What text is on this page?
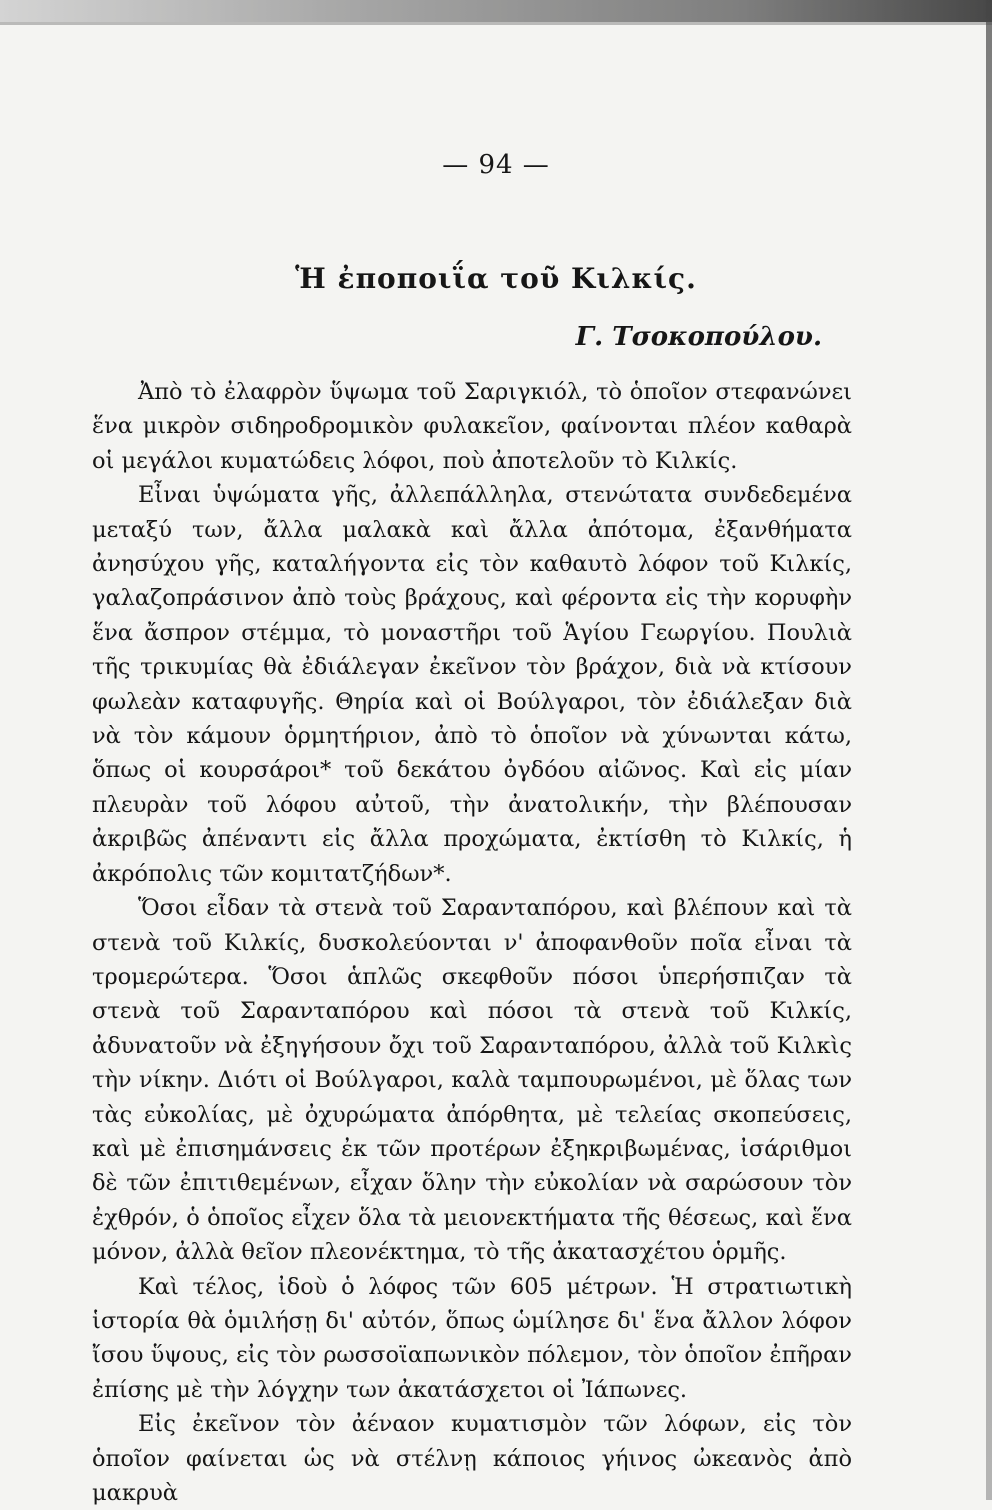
— 94 —
Ἡ ἐποποιΐα τοῦ Κιλκίς.
Γ. Τσοκοπούλου.

Ἀπὸ τὸ ἐλαφρὸν ὕψωμα τοῦ Σαριγκιόλ, τὸ ὁποῖον στεφανώνει ἕνα μικρὸν σιδηροδρομικὸν φυλακεῖον, φαίνονται πλέον καθαρὰ οἱ μεγάλοι κυματώδεις λόφοι, ποὺ ἀποτελοῦν τὸ Κιλκίς.

Εἶναι ὑψώματα γῆς, ἀλλεπάλληλα, στενώτατα συνδεδεμένα μεταξύ των, ἄλλα μαλακὰ καὶ ἄλλα ἀπότομα, ἐξανθήματα ἀνησύχου γῆς, καταλήγοντα εἰς τὸν καθαυτὸ λόφον τοῦ Κιλκίς, γαλαζοπράσινον ἀπὸ τοὺς βράχους, καὶ φέροντα εἰς τὴν κορυφὴν ἕνα ἄσπρον στέμμα, τὸ μοναστῆρι τοῦ Ἁγίου Γεωργίου. Πουλιὰ τῆς τρικυμίας θὰ ἐδιάλεγαν ἐκεῖνον τὸν βράχον, διὰ νὰ κτίσουν φωλεὰν καταφυγῆς. Θηρία καὶ οἱ Βούλγαροι, τὸν ἐδιάλεξαν διὰ νὰ τὸν κάμουν ὁρμητήριον, ἀπὸ τὸ ὁποῖον νὰ χύνωνται κάτω, ὅπως οἱ κουρσάροι* τοῦ δεκάτου ὀγδόου αἰῶνος. Καὶ εἰς μίαν πλευρὰν τοῦ λόφου αὐτοῦ, τὴν ἀνατολικήν, τὴν βλέπουσαν ἀκριβῶς ἀπέναντι εἰς ἄλλα προχώματα, ἐκτίσθη τὸ Κιλκίς, ἡ ἀκρόπολις τῶν κομιτατζήδων*.

Ὅσοι εἶδαν τὰ στενὰ τοῦ Σαρανταπόρου, καὶ βλέπουν καὶ τὰ στενὰ τοῦ Κιλκίς, δυσκολεύονται ν' ἀποφανθοῦν ποῖα εἶναι τὰ τρομερώτερα. Ὅσοι ἁπλῶς σκεφθοῦν πόσοι ὑπερήσπιζαν τὰ στενὰ τοῦ Σαρανταπόρου καὶ πόσοι τὰ στενὰ τοῦ Κιλκίς, ἀδυνατοῦν νὰ ἐξηγήσουν ὄχι τοῦ Σαρανταπόρου, ἀλλὰ τοῦ Κιλκὶς τὴν νίκην. Διότι οἱ Βούλγαροι, καλὰ ταμπουρωμένοι, μὲ ὅλας των τὰς εὐκολίας, μὲ ὀχυρώματα ἀπόρθητα, μὲ τελείας σκοπεύσεις, καὶ μὲ ἐπισημάνσεις ἐκ τῶν προτέρων ἐξηκριβωμένας, ἰσάριθμοι δὲ τῶν ἐπιτιθεμένων, εἶχαν ὅλην τὴν εὐκολίαν νὰ σαρώσουν τὸν ἐχθρόν, ὁ ὁποῖος εἶχεν ὅλα τὰ μειονεκτήματα τῆς θέσεως, καὶ ἕνα μόνον, ἀλλὰ θεῖον πλεονέκτημα, τὸ τῆς ἀκατασχέτου ὁρμῆς.

Καὶ τέλος, ἰδοὺ ὁ λόφος τῶν 605 μέτρων. Ἡ στρατιωτικὴ ἱστορία θὰ ὁμιλήσῃ δι' αὐτόν, ὅπως ὡμίλησε δι' ἕνα ἄλλον λόφον ἴσου ὕψους, εἰς τὸν ρωσσοϊαπωνικὸν πόλεμον, τὸν ὁποῖον ἐπῆραν ἐπίσης μὲ τὴν λόγχην των ἀκατάσχετοι οἱ Ἰάπωνες.

Εἰς ἐκεῖνον τὸν ἀέναον κυματισμὸν τῶν λόφων, εἰς τὸν ὁποῖον φαίνεται ὡς νὰ στέλνῃ κάποιος γήινος ὠκεανὸς ἀπὸ μακρυὰ
